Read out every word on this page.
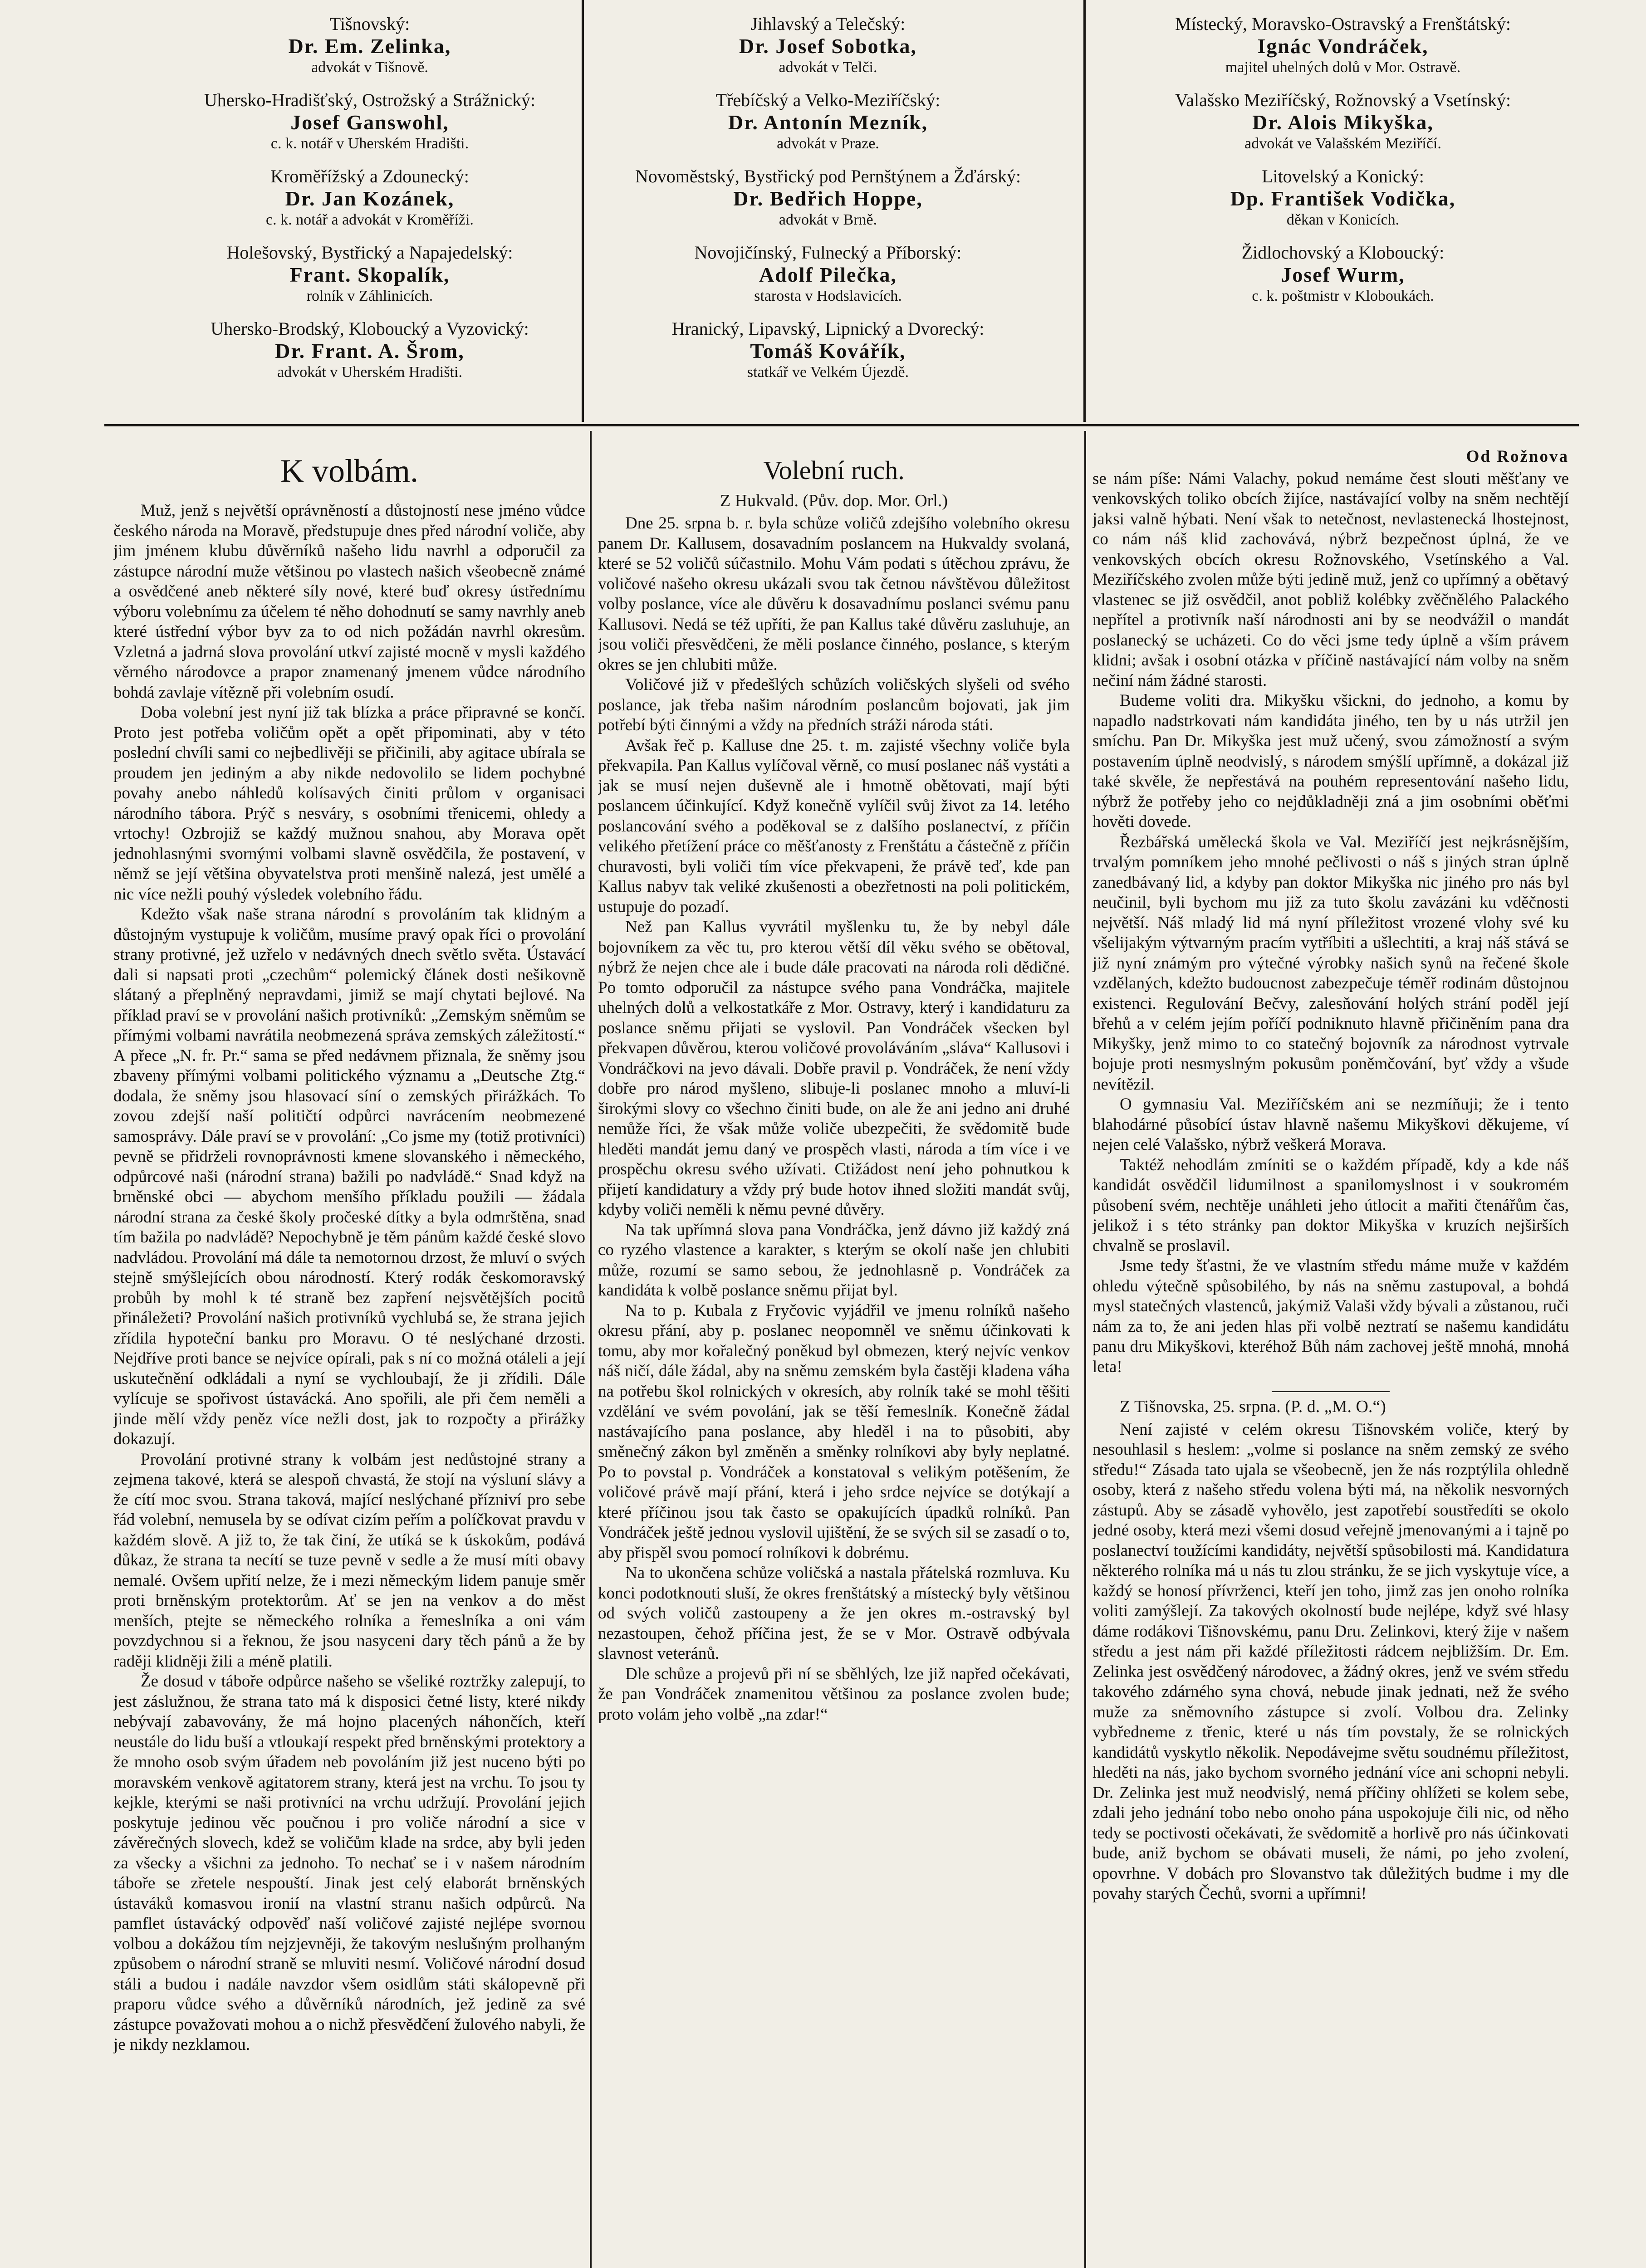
Tišnovský:
Dr. Em. Zelinka,
advokát v Tišnově.
Uhersko-Hradišťský, Ostrožský a Strážnický:
Josef Ganswohl,
c. k. notář v Uherském Hradišti.
Kroměřížský a Zdounecký:
Dr. Jan Kozánek,
c. k. notář a advokát v Kroměříži.
Holešovský, Bystřický a Napajedelský:
Frant. Skopalík,
rolník v Záhlinicích.
Uhersko-Brodský, Kloboucký a Vyzovický:
Dr. Frant. A. Šrom,
advokát v Uherském Hradišti.
Jihlavský a Telečský:
Dr. Josef Sobotka,
advokát v Telči.
Třebíčský a Velko-Meziříčský:
Dr. Antonín Mezník,
advokát v Praze.
Novoměstský, Bystřický pod Pernštýnem a Žďárský:
Dr. Bedřich Hoppe,
advokát v Brně.
Novojičínský, Fulnecký a Příborský:
Adolf Pilečka,
starosta v Hodslavicích.
Hranický, Lipavský, Lipnický a Dvorecký:
Tomáš Kovářík,
statkář ve Velkém Újezdě.
Místecký, Moravsko-Ostravský a Frenštátský:
Ignác Vondráček,
majitel uhelných dolů v Mor. Ostravě.
Valašsko Meziříčský, Rožnovský a Vsetínský:
Dr. Alois Mikyška,
advokát ve Valašském Meziříčí.
Litovelský a Konický:
Dp. František Vodička,
děkan v Konicích.
Židlochovský a Kloboucký:
Josef Wurm,
c. k. poštmistr v Kloboukách.
K volbám.

Muž, jenž s největší oprávněností a důstojností nese jméno vůdce českého národa na Moravě, předstupuje dnes před národní voliče, aby jim jménem klubu důvěrníků našeho lidu navrhl a odporučil za zástupce národní muže většinou po vlastech našich všeobecně známé a osvědčené aneb některé síly nové, které buď okresy ústřednímu výboru volebnímu za účelem té něho dohodnutí se samy navrhly aneb které ústřední výbor byv za to od nich požádán navrhl okresům. Vzletná a jadrná slova provolání utkví zajisté mocně v mysli každého věrného národovce a prapor znamenaný jmenem vůdce národního bohdá zavlaje vítězně při volebním osudí.

Doba volební jest nyní již tak blízka a práce připravné se končí. Proto jest potřeba voličům opět a opět připominati, aby v této poslední chvíli sami co nejbedlivěji se přičinili, aby agitace ubírala se proudem jen jediným a aby nikde nedovolilo se lidem pochybné povahy anebo náhledů kolísavých činiti průlom v organisaci národního tábora. Prýč s nesváry, s osobními třenicemi, ohledy a vrtochy! Ozbrojiž se každý mužnou snahou, aby Morava opět jednohlasnými svornými volbami slavně osvědčila, že postavení, v němž se její většina obyvatelstva proti menšině nalezá, jest umělé a nic více nežli pouhý výsledek volebního řádu.

Kdežto však naše strana národní s provoláním tak klidným a důstojným vystupuje k voličům, musíme pravý opak říci o provolání strany protivné, jež uzřelo v nedávných dnech světlo světa. Ústavácí dali si napsati proti „czechům“ polemický článek dosti nešikovně slátaný a přeplněný nepravdami, jimiž se mají chytati bejlové. Na příklad praví se v provolání našich protivníků: „Zemským sněmům se přímými volbami navrátila neobmezená správa zemských záležitostí.“ A přece „N. fr. Pr.“ sama se před nedávnem přiznala, že sněmy jsou zbaveny přímými volbami politického významu a „Deutsche Ztg.“ dodala, že sněmy jsou hlasovací síní o zemských přirážkách. To zovou zdejší naší političtí odpůrci navrácením neobmezené samosprávy. Dále praví se v provolání: „Co jsme my (totiž protivníci) pevně se přidrželi rovnoprávnosti kmene slovanského i německého, odpůrcové naši (národní strana) bažili po nadvládě.“ Snad když na brněnské obci — abychom menšího příkladu použili — žádala národní strana za české školy pročeské dítky a byla odmrštěna, snad tím bažila po nadvládě? Nepochybně je těm pánům každé české slovo nadvládou. Provolání má dále ta nemotornou drzost, že mluví o svých stejně smýšlejících obou národností. Který rodák českomoravský probůh by mohl k té straně bez zapření nejsvětějších pocitů přináležeti? Provolání našich protivníků vychlubá se, že strana jejich zřídila hypoteční banku pro Moravu. O té neslýchané drzosti. Nejdříve proti bance se nejvíce opírali, pak s ní co možná otáleli a její uskutečnění odkládali a nyní se vychloubají, že ji zřídili. Dále vylícuje se spořivost ústavácká. Ano spořili, ale při čem neměli a jinde mělí vždy peněz více nežli dost, jak to rozpočty a přirážky dokazují.

Provolání protivné strany k volbám jest nedůstojné strany a zejmena takové, která se alespoň chvastá, že stojí na výsluní slávy a že cítí moc svou. Strana taková, mající neslýchané přízniví pro sebe řád volební, nemusela by se odívat cizím peřím a políčkovat pravdu v každém slově. A již to, že tak činí, že utíká se k úskokům, podává důkaz, že strana ta necítí se tuze pevně v sedle a že musí míti obavy nemalé. Ovšem upřití nelze, že i mezi německým lidem panuje směr proti brněnským protektorům. Ať se jen na venkov a do měst menších, ptejte se německého rolníka a řemeslníka a oni vám povzdychnou si a řeknou, že jsou nasyceni dary těch pánů a že by raději klidněji žili a méně platili.

Že dosud v táboře odpůrce našeho se všeliké roztržky zalepují, to jest záslužnou, že strana tato má k disposici četné listy, které nikdy nebývají zabavovány, že má hojno placených náhončích, kteří neustále do lidu buší a vtloukají respekt před brněnskými protektory a že mnoho osob svým úřadem neb povoláním již jest nuceno býti po moravském venkově agitatorem strany, která jest na vrchu. To jsou ty kejkle, kterými se naši protivníci na vrchu udržují. Provolání jejich poskytuje jedinou věc poučnou i pro voliče národní a sice v závěrečných slovech, kdež se voličům klade na srdce, aby byli jeden za všecky a všichni za jednoho. To nechať se i v našem národním táboře se zřetele nespouští. Jinak jest celý elaborát brněnských ústaváků komasvou ironií na vlastní stranu našich odpůrců. Na pamflet ústavácký odpověď naší voličové zajisté nejlépe svornou volbou a dokážou tím nejzjevněji, že takovým neslušným prolhaným způsobem o národní straně se mluviti nesmí. Voličové národní dosud stáli a budou i nadále navzdor všem osidlům státi skálopevně při praporu vůdce svého a důvěrníků národních, jež jedině za své zástupce považovati mohou a o nichž přesvědčení žulového nabyli, že je nikdy nezklamou.

Volební ruch.
Z Hukvald. (Pův. dop. Mor. Orl.)

Dne 25. srpna b. r. byla schůze voličů zdejšího volebního okresu panem Dr. Kallusem, dosavadním poslancem na Hukvaldy svolaná, které se 52 voličů súčastnilo. Mohu Vám podati s útěchou zprávu, že voličové našeho okresu ukázali svou tak četnou návštěvou důležitost volby poslance, více ale důvěru k dosavadnímu poslanci svému panu Kallusovi. Nedá se též upříti, že pan Kallus také důvěru zasluhuje, an jsou voliči přesvědčeni, že měli poslance činného, poslance, s kterým okres se jen chlubiti může.

Voličové již v předešlých schůzích voličských slyšeli od svého poslance, jak třeba našim národním poslancům bojovati, jak jim potřebí býti činnými a vždy na předních stráži národa státi.

Avšak řeč p. Kalluse dne 25. t. m. zajisté všechny voliče byla překvapila. Pan Kallus vylíčoval věrně, co musí poslanec náš vystáti a jak se musí nejen duševně ale i hmotně obětovati, mají býti poslancem účinkující. Když konečně vylíčil svůj život za 14. letého poslancování svého a poděkoval se z dalšího poslanectví, z příčin velikého přetížení práce co měšťanosty z Frenštátu a částečně z příčin churavosti, byli voliči tím více překvapeni, že právě teď, kde pan Kallus nabyv tak veliké zkušenosti a obezřetnosti na poli politickém, ustupuje do pozadí.

Než pan Kallus vyvrátil myšlenku tu, že by nebyl dále bojovníkem za věc tu, pro kterou větší díl věku svého se obětoval, nýbrž že nejen chce ale i bude dále pracovati na národa roli dědičné. Po tomto odporučil za nástupce svého pana Vondráčka, majitele uhelných dolů a velkostatkáře z Mor. Ostravy, který i kandidaturu za poslance sněmu přijati se vyslovil. Pan Vondráček všecken byl překvapen důvěrou, kterou voličové provoláváním „sláva“ Kallusovi i Vondráčkovi na jevo dávali. Dobře pravil p. Vondráček, že není vždy dobře pro národ myšleno, slibuje-li poslanec mnoho a mluví-li širokými slovy co všechno činiti bude, on ale že ani jedno ani druhé nemůže říci, že však může voliče ubezpečiti, že svědomitě bude hleděti mandát jemu daný ve prospěch vlasti, národa a tím více i ve prospěchu okresu svého užívati. Ctižádost není jeho pohnutkou k přijetí kandidatury a vždy prý bude hotov ihned složiti mandát svůj, kdyby voliči neměli k němu pevné důvěry.

Na tak upřímná slova pana Vondráčka, jenž dávno již každý zná co ryzého vlastence a karakter, s kterým se okolí naše jen chlubiti může, rozumí se samo sebou, že jednohlasně p. Vondráček za kandidáta k volbě poslance sněmu přijat byl.

Na to p. Kubala z Fryčovic vyjádřil ve jmenu rolníků našeho okresu přání, aby p. poslanec neopomněl ve sněmu účinkovati k tomu, aby mor kořalečný poněkud byl obmezen, který nejvíc venkov náš ničí, dále žádal, aby na sněmu zemském byla častěji kladena váha na potřebu škol rolnických v okresích, aby rolník také se mohl těšiti vzdělání ve svém povolání, jak se těší řemeslník. Konečně žádal nastávajícího pana poslance, aby hleděl i na to působiti, aby směnečný zákon byl změněn a směnky rolníkovi aby byly neplatné. Po to povstal p. Vondráček a konstatoval s velikým potěšením, že voličové právě mají přání, která i jeho srdce nejvíce se dotýkají a které příčinou jsou tak často se opakujících úpadků rolníků. Pan Vondráček ještě jednou vyslovil ujištění, že se svých sil se zasadí o to, aby přispěl svou pomocí rolníkovi k dobrému.

Na to ukončena schůze voličská a nastala přátelská rozmluva. Ku konci podotknouti sluší, že okres frenštátský a místecký byly většinou od svých voličů zastoupeny a že jen okres m.-ostravský byl nezastoupen, čehož příčina jest, že se v Mor. Ostravě odbývala slavnost veteránů.

Dle schůze a projevů při ní se sběhlých, lze již napřed očekávati, že pan Vondráček znamenitou většinou za poslance zvolen bude; proto volám jeho volbě „na zdar!“

Od Rožnova

se nám píše: Námi Valachy, pokud nemáme čest slouti měšťany ve venkovských toliko obcích žijíce, nastávající volby na sněm nechtějí jaksi valně hýbati. Není však to netečnost, nevlastenecká lhostejnost, co nám náš klid zachovává, nýbrž bezpečnost úplná, že ve venkovských obcích okresu Rožnovského, Vsetínského a Val. Meziříčského zvolen může býti jedině muž, jenž co upřímný a obětavý vlastenec se již osvědčil, anot pobliž kolébky zvěčnělého Palackého nepřítel a protivník naší národnosti ani by se neodvážil o mandát poslanecký se ucházeti. Co do věci jsme tedy úplně a vším právem klidni; avšak i osobní otázka v příčině nastávající nám volby na sněm nečiní nám žádné starosti.

Budeme voliti dra. Mikyšku všickni, do jednoho, a komu by napadlo nadstrkovati nám kandidáta jiného, ten by u nás utržil jen smíchu. Pan Dr. Mikyška jest muž učený, svou zámožností a svým postavením úplně neodvislý, s národem smýšlí upřímně, a dokázal již také skvěle, že nepřestává na pouhém representování našeho lidu, nýbrž že potřeby jeho co nejdůkladněji zná a jim osobními oběťmi hověti dovede.

Řezbářská umělecká škola ve Val. Meziříčí jest nejkrásnějším, trvalým pomníkem jeho mnohé pečlivosti o náš s jiných stran úplně zanedbávaný lid, a kdyby pan doktor Mikyška nic jiného pro nás byl neučinil, byli bychom mu již za tuto školu zavázáni ku vděčnosti největší. Náš mladý lid má nyní příležitost vrozené vlohy své ku všelijakým výtvarným pracím vytříbiti a ušlechtiti, a kraj náš stává se již nyní známým pro výtečné výrobky našich synů na řečené škole vzdělaných, kdežto budoucnost zabezpečuje téměř rodinám důstojnou existenci. Regulování Bečvy, zalesňování holých strání poděl její břehů a v celém jejím poříčí podniknuto hlavně přičiněním pana dra Mikyšky, jenž mimo to co statečný bojovník za národnost vytrvale bojuje proti nesmyslným pokusům poněmčování, byť vždy a všude nevítězil.

O gymnasiu Val. Meziříčském ani se nezmíňuji; že i tento blahodárné působící ústav hlavně našemu Mikyškovi děkujeme, ví nejen celé Valašsko, nýbrž veškerá Morava.

Taktéž nehodlám zmíniti se o každém případě, kdy a kde náš kandidát osvědčil lidumilnost a spanilomyslnost i v soukromém působení svém, nechtěje unáhleti jeho útlocit a mařiti čtenářům čas, jelikož i s této stránky pan doktor Mikyška v kruzích nejširších chvalně se proslavil.

Jsme tedy šťastni, že ve vlastním středu máme muže v každém ohledu výtečně spůsobilého, by nás na sněmu zastupoval, a bohdá mysl statečných vlastenců, jakýmiž Valaši vždy bývali a zůstanou, ruči nám za to, že ani jeden hlas při volbě neztratí se našemu kandidátu panu dru Mikyškovi, kteréhož Bůh nám zachovej ještě mnohá, mnohá leta!

Z Tišnovska, 25. srpna. (P. d. „M. O.“)

Není zajisté v celém okresu Tišnovském voliče, který by nesouhlasil s heslem: „volme si poslance na sněm zemský ze svého středu!“ Zásada tato ujala se všeobecně, jen že nás rozptýlila ohledně osoby, která z našeho středu volena býti má, na několik nesvorných zástupů. Aby se zásadě vyhovělo, jest zapotřebí soustředíti se okolo jedné osoby, která mezi všemi dosud veřejně jmenovanými a i tajně po poslanectví toužícími kandidáty, největší spůsobilosti má. Kandidatura některého rolníka má u nás tu zlou stránku, že se jich vyskytuje více, a každý se honosí přívrženci, kteří jen toho, jimž zas jen onoho rolníka voliti zamýšlejí. Za takových okolností bude nejlépe, když své hlasy dáme rodákovi Tišnovskému, panu Dru. Zelinkovi, který žije v našem středu a jest nám při každé příležitosti rádcem nejbližším. Dr. Em. Zelinka jest osvědčený národovec, a žádný okres, jenž ve svém středu takového zdárného syna chová, nebude jinak jednati, než že svého muže za sněmovního zástupce si zvolí. Volbou dra. Zelinky vybředneme z třenic, které u nás tím povstaly, že se rolnických kandidátů vyskytlo několik. Nepodávejme světu soudnému příležitost, hleděti na nás, jako bychom svorného jednání více ani schopni nebyli. Dr. Zelinka jest muž neodvislý, nemá příčiny ohlížeti se kolem sebe, zdali jeho jednání tobo nebo onoho pána uspokojuje čili nic, od něho tedy se poctivosti očekávati, že svědomitě a horlivě pro nás účinkovati bude, aniž bychom se obávati museli, že námi, po jeho zvolení, opovrhne. V dobách pro Slovanstvo tak důležitých budme i my dle povahy starých Čechů, svorni a upřímni!
